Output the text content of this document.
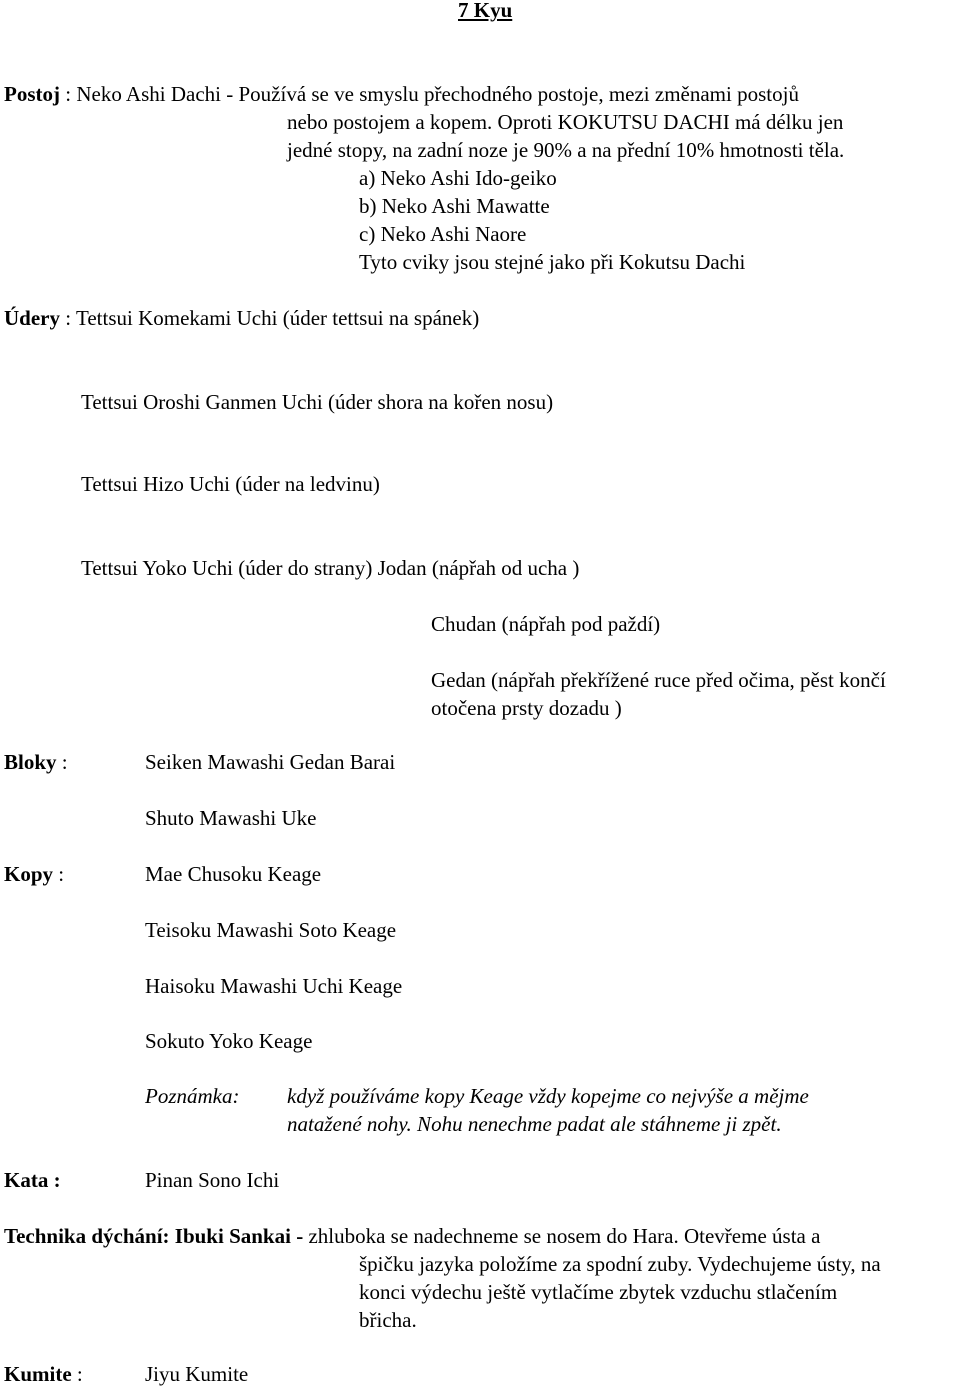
7 Kyu
Postoj : Neko Ashi Dachi - Používá se ve smyslu přechodného postoje, mezi změnami postojů
nebo postojem a kopem. Oproti KOKUTSU DACHI má délku jen
jedné stopy, na zadní noze je 90% a na přední 10% hmotnosti těla.
a) Neko Ashi Ido-geiko
b) Neko Ashi Mawatte
c) Neko Ashi Naore
Tyto cviky jsou stejné jako při Kokutsu Dachi
Údery : Tettsui Komekami Uchi (úder tettsui na spánek)
Tettsui Oroshi Ganmen Uchi (úder shora na kořen nosu)
Tettsui Hizo Uchi (úder na ledvinu)
Tettsui Yoko Uchi (úder do strany) Jodan (nápřah od ucha )
Chudan (nápřah pod paždí)
Gedan (nápřah překřížené ruce před očima, pěst končí
otočena prsty dozadu )
Bloky :	Seiken Mawashi Gedan Barai
Shuto Mawashi Uke
Kopy :	Mae Chusoku Keage
Teisoku Mawashi Soto Keage
Haisoku Mawashi Uchi Keage
Sokuto Yoko Keage
Poznámka: když používáme kopy Keage vždy kopejme co nejvýše a mějme
natažené nohy. Nohu nenechme padat ale stáhneme ji zpět.
Kata :	Pinan Sono Ichi
Technika dýchání: Ibuki Sankai - zhluboka se nadechneme se nosem do Hara. Otevřeme ústa a
špičku jazyka položíme za spodní zuby. Vydechujeme ústy, na
konci výdechu ještě vytlačíme zbytek vzduchu stlačením
břicha.
Kumite :	Jiyu Kumite
